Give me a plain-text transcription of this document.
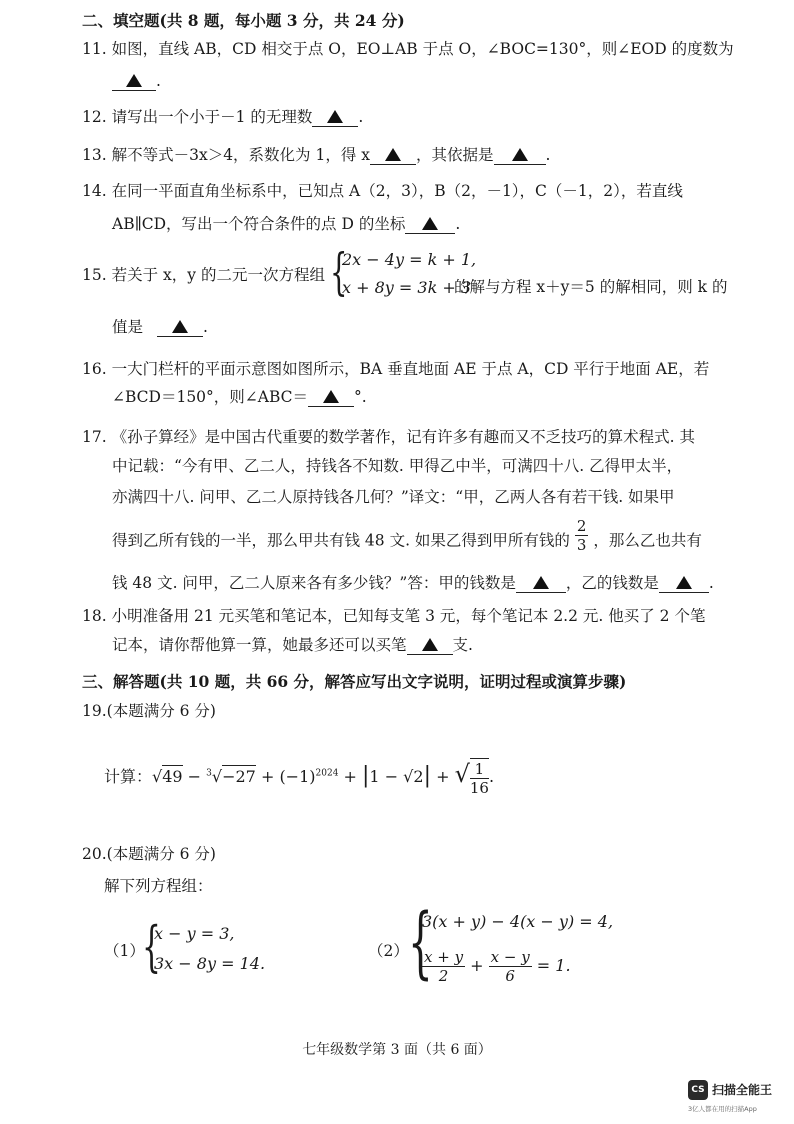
二、填空题(共 8 题，每小题 3 分，共 24 分)
11. 如图，直线 AB，CD 相交于点 O，EO⊥AB 于点 O，∠BOC=130°，则∠EOD 的度数为
.
12. 请写出一个小于－1 的无理数	.
13. 解不等式－3x＞4，系数化为 1，得 x	，其依据是	.
14. 在同一平面直角坐标系中，已知点 A（2，3），B（2，－1），C（－1，2），若直线
AB∥CD，写出一个符合条件的点 D 的坐标	.
15. 若关于 x，y 的二元一次方程组 {
2x − 4y = k + 1,
x + 8y = 3k + 3
的解与方程 x＋y＝5 的解相同，则 k 的
值是	.
16. 一大门栏杆的平面示意图如图所示，BA 垂直地面 AE 于点 A，CD 平行于地面 AE，若
∠BCD＝150°，则∠ABC＝	°.
17. 《孙子算经》是中国古代重要的数学著作，记有许多有趣而又不乏技巧的算术程式. 其
中记载：“今有甲、乙二人，持钱各不知数. 甲得乙中半，可满四十八. 乙得甲太半，
亦满四十八. 问甲、乙二人原持钱各几何？”译文：“甲，乙两人各有若干钱. 如果甲
得到乙所有钱的一半，那么甲共有钱 48 文. 如果乙得到甲所有钱的 $\frac{2}{3}$ ，那么乙也共有
钱 48 文. 问甲，乙二人原来各有多少钱？”答：甲的钱数是	，乙的钱数是	.
18. 小明准备用 21 元买笔和笔记本，已知每支笔 3 元，每个笔记本 2.2 元. 他买了 2 个笔
记本，请你帮他算一算，她最多还可以买笔	支.
三、解答题(共 10 题，共 66 分，解答应写出文字说明，证明过程或演算步骤)
19.(本题满分 6 分)
计算：$√49 - ^3√-27 + (-1)^{2024} + |1 - √2|$ + √ $\frac{1}{16}$ .
20.(本题满分 6 分)
解下列方程组：
（1）
{
x − y = 3,
3x − 8y = 14.
（2） {
3(x + y) − 4(x − y) = 4,
$\frac{x + y}{2} + \frac{x - y}{6} = 1$.
七年级数学第 3 面（共 6 面）
CS 扫描全能王
3亿人都在用的扫描App
